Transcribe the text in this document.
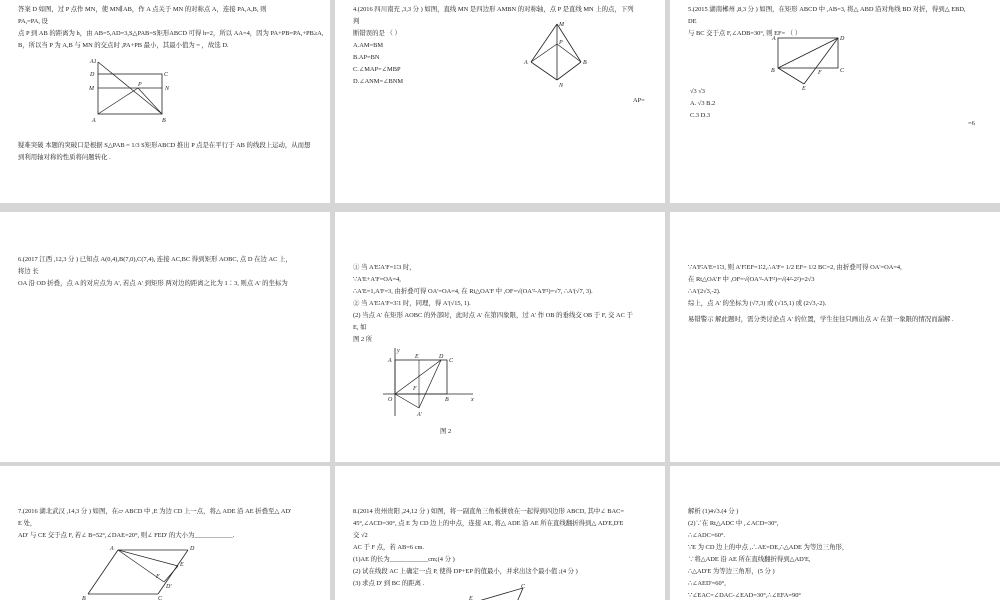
答案 D 如图，过 P 点作 MN，使 MN∥AB，作 A 点关于 MN 的对称点 A，连接 PA,A,B, 则
PA,=PA, 设
点 P 到 AB 的距离为 h，由 AB=5,AD=3,S△PAB=S矩形ABCD 可得 h=2，所以 AA=4，因为 PA+PB=PA,+PB≥A,
B，所以当 P 为 A,B 与 MN 的交点时 ,PA+PB 最小，其最小值为 = ，故选 D.
A1
D	C
M
P
N
A	B
疑难突破 本题的突破口是根据 S△PAB = 1/3 S矩形ABCD 推出 P 点是在平行于 AB 的线段上运动，从而想
到利用轴对称的性质将问题转化 .
4.(2016 四川南充 ,3,3 分 ) 如图，直线 MN 是四边形 AMBN 的对称轴，点 P 是直线 MN 上的点，下列
判
断错误的是 （ ）
A.AM=BM
B.AP=BN
C.∠MAP=∠MBP
D.∠ANM=∠BNM
M
P
A	B
N
AP=
5.(2015 湖南郴州 ,8,3 分 ) 如图，在矩形 ABCD 中 ,AB=3, 将△ ABD 沿对角线 BD 对折，得到△ EBD,
DE
与 BC 交于点 F,∠ADB=30°, 则 EF= （ ）
A	D
B	F	C
E
√3 √3
A. √3 B.2
C.3 D.3
=6
6.(2017 江西 ,12,3 分 ) 已知点 A(0,4),B(7,0),C(7,4), 连接 AC,BC 得到矩形 AOBC, 点 D 在边 AC 上，
将边 长
OA 沿 OD 折叠，点 A 的对应点为 A', 若点 A' 到矩形 两对边的距离之比为 1∶3, 则点 A' 的坐标为
① 当 A'E∶A'F=1∶3 时，
∵A'E+A'F=OA=4,
∴A'E=1,A'F=3, 由折叠可得 OA'=OA=4, 在 Rt△OA'F 中 ,OF=√(OA'²-A'F²)=√7, ∴A'(√7, 3).
② 当 A'E∶A'F=3∶1 时，同理，得 A'(√15, 1).
(2) 当点 A' 在矩形 AOBC 的外部时，此时点 A' 在第四象限，过 A' 作 OB 的垂线交 OB 于 F, 交 AC 于
E, 如
图 2 所
y
A
E	D
C
F
O	B	x
A'
图 2
∵A'F∶A'E=1∶3, 则 A'F∶EF=1∶2,∴A'F= 1/2 EF= 1/2 BC=2, 由折叠可得 OA'=OA=4,
在 Rt△OA'F 中 ,OF=√(OA'²-A'F²)=√(4²-2²)=2√3
∴A'(2√3,-2).
综上，点 A' 的坐标为 (√7,3) 或 (√15,1) 或 (2√3,-2).
易错警示 解此题时，需分类讨论点 A' 的位置，学生往往只画出点 A' 在第一象限的情况而漏解 .
7.(2016 湖北武汉 ,14,3 分 ) 如图，在▱ ABCD 中 ,E 为边 CD 上一点，将△ ADE 沿 AE 折叠至△ AD'
E 处，
AD' 与 CE 交于点 F, 若∠ B=52°,∠DAE=20°, 则∠ FED' 的大小为____________.
A	D
E
F
D'
B	C
8.(2014 贵州贵阳 ,24,12 分 ) 如图，将一副直角三角板拼放在一起得到四边形 ABCD, 其中∠ BAC=
45°,∠ACD=30°, 点 E 为 CD 边上的中点，连接 AE, 将△ ADE 沿 AE 所在直线翻折得到△ AD'E,D'E
交 √2
AC 于 F 点，若 AB=6 cm.
(1)AE 的长为____________cm;(4 分 )
(2) 试在线段 AC 上确定一点 P, 使得 DP+EP 的值最小，并求出这个最小值 ;(4 分 )
(3) 求点 D' 到 BC 的距离 .	C
E
解析 (1)4√3.(4 分 )
(2)∵在 Rt△ADC 中 ,∠ACD=30°,
∴∠ADC=60°.
∵E 为 CD 边上的中点 ,∴AE=DE,∴△ADE 为等边三角形，
∵将△ADE 沿 AE 所在直线翻折得到△AD'E,
∴△AD'E 为等边三角形，(5 分 )
∴∠AED'=60°,
∵∠EAC=∠DAC-∠EAD=30°,∴∠EFA=90°
